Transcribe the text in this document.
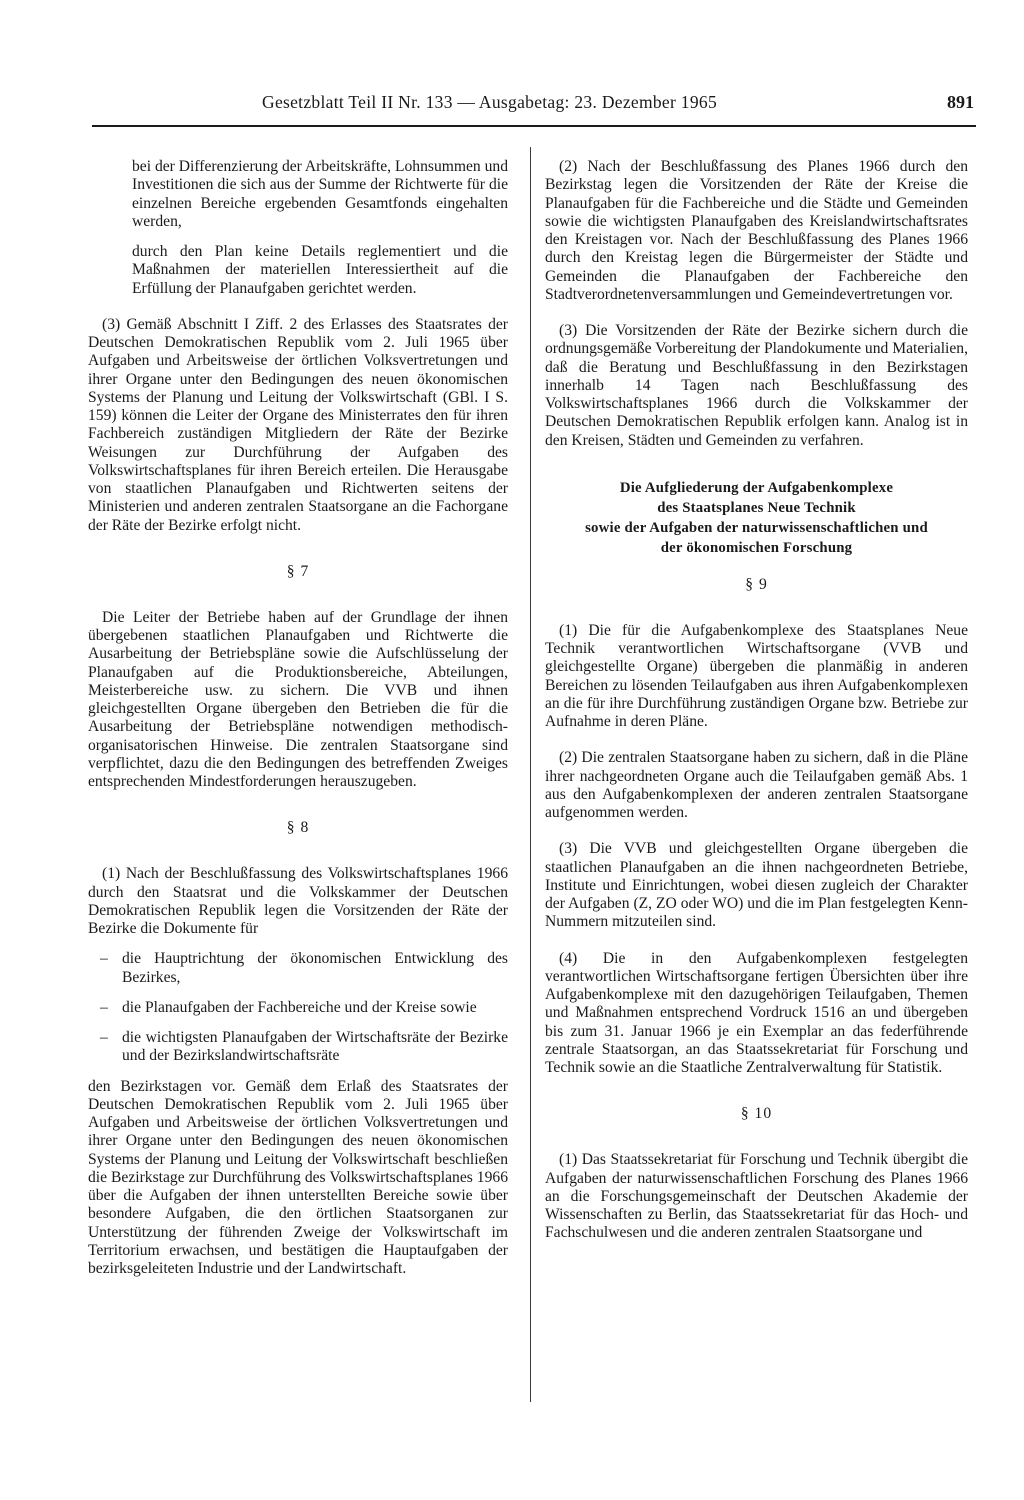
Gesetzblatt Teil II Nr. 133 — Ausgabetag: 23. Dezember 1965	891

bei der Differenzierung der Arbeitskräfte, Lohnsummen und Investitionen die sich aus der Summe der Richtwerte für die einzelnen Bereiche ergebenden Gesamtfonds eingehalten werden,

durch den Plan keine Details reglementiert und die Maßnahmen der materiellen Interessiertheit auf die Erfüllung der Planaufgaben gerichtet werden.

(3) Gemäß Abschnitt I Ziff. 2 des Erlasses des Staatsrates der Deutschen Demokratischen Republik vom 2. Juli 1965 über Aufgaben und Arbeitsweise der örtlichen Volksvertretungen und ihrer Organe unter den Bedingungen des neuen ökonomischen Systems der Planung und Leitung der Volkswirtschaft (GBl. I S. 159) können die Leiter der Organe des Ministerrates den für ihren Fachbereich zuständigen Mitgliedern der Räte der Bezirke Weisungen zur Durchführung der Aufgaben des Volkswirtschaftsplanes für ihren Bereich erteilen. Die Herausgabe von staatlichen Planaufgaben und Richtwerten seitens der Ministerien und anderen zentralen Staatsorgane an die Fachorgane der Räte der Bezirke erfolgt nicht.

§ 7

Die Leiter der Betriebe haben auf der Grundlage der ihnen übergebenen staatlichen Planaufgaben und Richtwerte die Ausarbeitung der Betriebspläne sowie die Aufschlüsselung der Planaufgaben auf die Produktionsbereiche, Abteilungen, Meisterbereiche usw. zu sichern. Die VVB und ihnen gleichgestellten Organe übergeben den Betrieben die für die Ausarbeitung der Betriebspläne notwendigen methodisch-organisatorischen Hinweise. Die zentralen Staatsorgane sind verpflichtet, dazu die den Bedingungen des betreffenden Zweiges entsprechenden Mindestforderungen herauszugeben.

§ 8

(1) Nach der Beschlußfassung des Volkswirtschaftsplanes 1966 durch den Staatsrat und die Volkskammer der Deutschen Demokratischen Republik legen die Vorsitzenden der Räte der Bezirke die Dokumente für

– die Hauptrichtung der ökonomischen Entwicklung des Bezirkes,

– die Planaufgaben der Fachbereiche und der Kreise sowie

– die wichtigsten Planaufgaben der Wirtschaftsräte der Bezirke und der Bezirkslandwirtschaftsräte

den Bezirkstagen vor. Gemäß dem Erlaß des Staatsrates der Deutschen Demokratischen Republik vom 2. Juli 1965 über Aufgaben und Arbeitsweise der örtlichen Volksvertretungen und ihrer Organe unter den Bedingungen des neuen ökonomischen Systems der Planung und Leitung der Volkswirtschaft beschließen die Bezirkstage zur Durchführung des Volkswirtschaftsplanes 1966 über die Aufgaben der ihnen unterstellten Bereiche sowie über besondere Aufgaben, die den örtlichen Staatsorganen zur Unterstützung der führenden Zweige der Volkswirtschaft im Territorium erwachsen, und bestätigen die Hauptaufgaben der bezirksgeleiteten Industrie und der Landwirtschaft.

(2) Nach der Beschlußfassung des Planes 1966 durch den Bezirkstag legen die Vorsitzenden der Räte der Kreise die Planaufgaben für die Fachbereiche und die Städte und Gemeinden sowie die wichtigsten Planaufgaben des Kreislandwirtschaftsrates den Kreistagen vor. Nach der Beschlußfassung des Planes 1966 durch den Kreistag legen die Bürgermeister der Städte und Gemeinden die Planaufgaben der Fachbereiche den Stadtverordnetenversammlungen und Gemeindevertretungen vor.

(3) Die Vorsitzenden der Räte der Bezirke sichern durch die ordnungsgemäße Vorbereitung der Plandokumente und Materialien, daß die Beratung und Beschlußfassung in den Bezirkstagen innerhalb 14 Tagen nach Beschlußfassung des Volkswirtschaftsplanes 1966 durch die Volkskammer der Deutschen Demokratischen Republik erfolgen kann. Analog ist in den Kreisen, Städten und Gemeinden zu verfahren.

Die Aufgliederung der Aufgabenkomplexe

des Staatsplanes Neue Technik

sowie der Aufgaben der naturwissenschaftlichen und

der ökonomischen Forschung

§ 9

(1) Die für die Aufgabenkomplexe des Staatsplanes Neue Technik verantwortlichen Wirtschaftsorgane (VVB und gleichgestellte Organe) übergeben die planmäßig in anderen Bereichen zu lösenden Teilaufgaben aus ihren Aufgabenkomplexen an die für ihre Durchführung zuständigen Organe bzw. Betriebe zur Aufnahme in deren Pläne.

(2) Die zentralen Staatsorgane haben zu sichern, daß in die Pläne ihrer nachgeordneten Organe auch die Teilaufgaben gemäß Abs. 1 aus den Aufgabenkomplexen der anderen zentralen Staatsorgane aufgenommen werden.

(3) Die VVB und gleichgestellten Organe übergeben die staatlichen Planaufgaben an die ihnen nachgeordneten Betriebe, Institute und Einrichtungen, wobei diesen zugleich der Charakter der Aufgaben (Z, ZO oder WO) und die im Plan festgelegten Kenn-Nummern mitzuteilen sind.

(4) Die in den Aufgabenkomplexen festgelegten verantwortlichen Wirtschaftsorgane fertigen Übersichten über ihre Aufgabenkomplexe mit den dazugehörigen Teilaufgaben, Themen und Maßnahmen entsprechend Vordruck 1516 an und übergeben bis zum 31. Januar 1966 je ein Exemplar an das federführende zentrale Staatsorgan, an das Staatssekretariat für Forschung und Technik sowie an die Staatliche Zentralverwaltung für Statistik.

§ 10

(1) Das Staatssekretariat für Forschung und Technik übergibt die Aufgaben der naturwissenschaftlichen Forschung des Planes 1966 an die Forschungsgemeinschaft der Deutschen Akademie der Wissenschaften zu Berlin, das Staatssekretariat für das Hoch- und Fachschulwesen und die anderen zentralen Staatsorgane und
